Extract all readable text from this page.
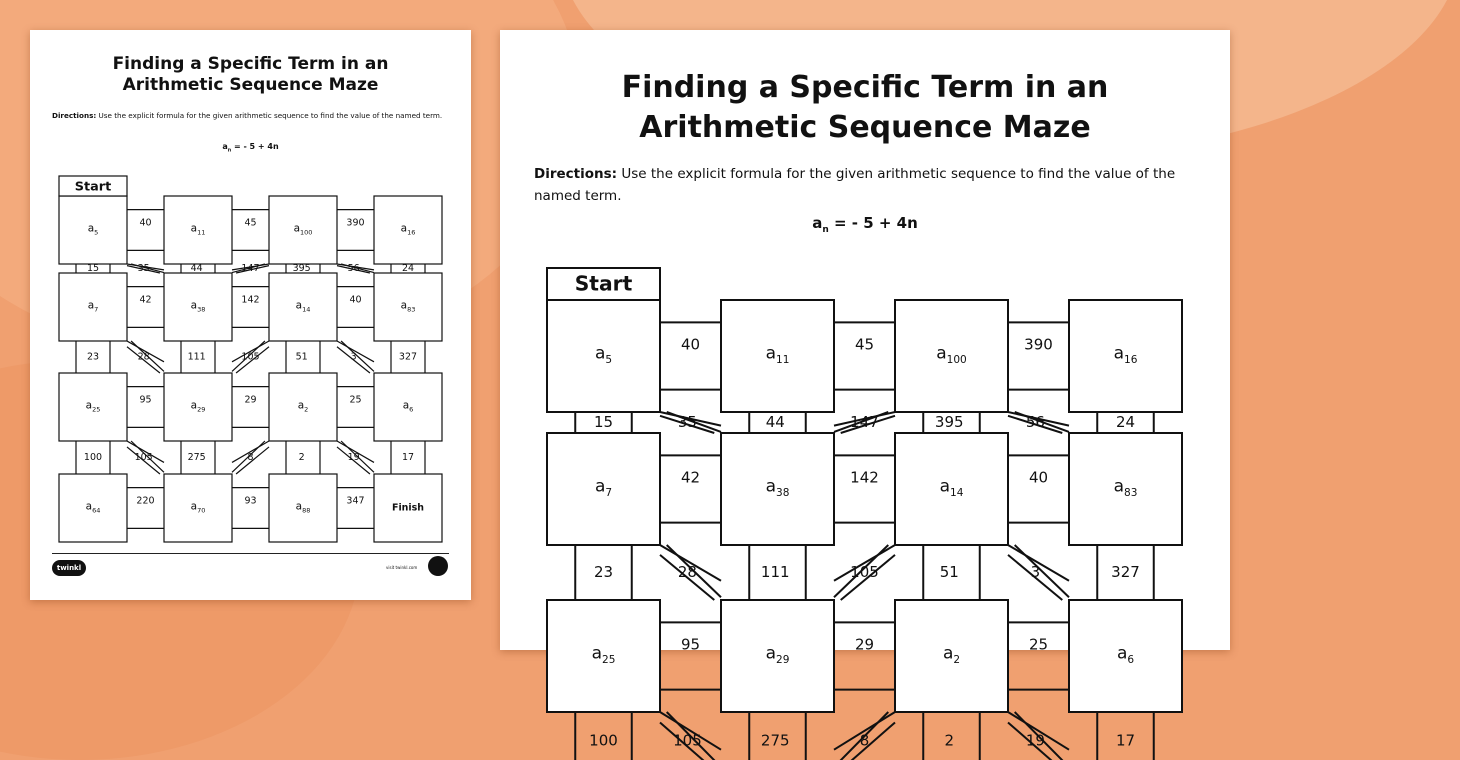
Finding a Specific Term in an
Arithmetic Sequence Maze
Directions: Use the explicit formula for the given arithmetic sequence to find the value of the named term.
$a_n$ = - 5 + 4n
$a_5$	$a_{11}$	$a_{100}$	$a_{16}$
$a_7$	$a_{38}$	$a_{14}$	$a_{83}$
$a_{25}$	$a_{29}$	$a_2$	$a_6$
$a_{64}$	$a_{70}$	$a_{88}$	Finish
Start
40	45	390
42	142	40
95	29	25
220	93	347
15	35	44	147	395	56	24
23	28	111	105	51	3	327
100	105	275	8	2	19	17
twinkl	visit twinkl.com
Finding a Specific Term in an
Arithmetic Sequence Maze
Directions: Use the explicit formula for the given arithmetic sequence to find the value of the named term.
$a_n$ = - 5 + 4n
$a_5$	$a_{11}$	$a_{100}$	$a_{16}$
$a_7$	$a_{38}$	$a_{14}$	$a_{83}$
$a_{25}$	$a_{29}$	$a_2$	$a_6$
Start
40	45	390
42	142	40
95	29	25
15	35	44	147	395	56	24
23	28	111	105	51	3	327
100	105	275	8	2	19	17
